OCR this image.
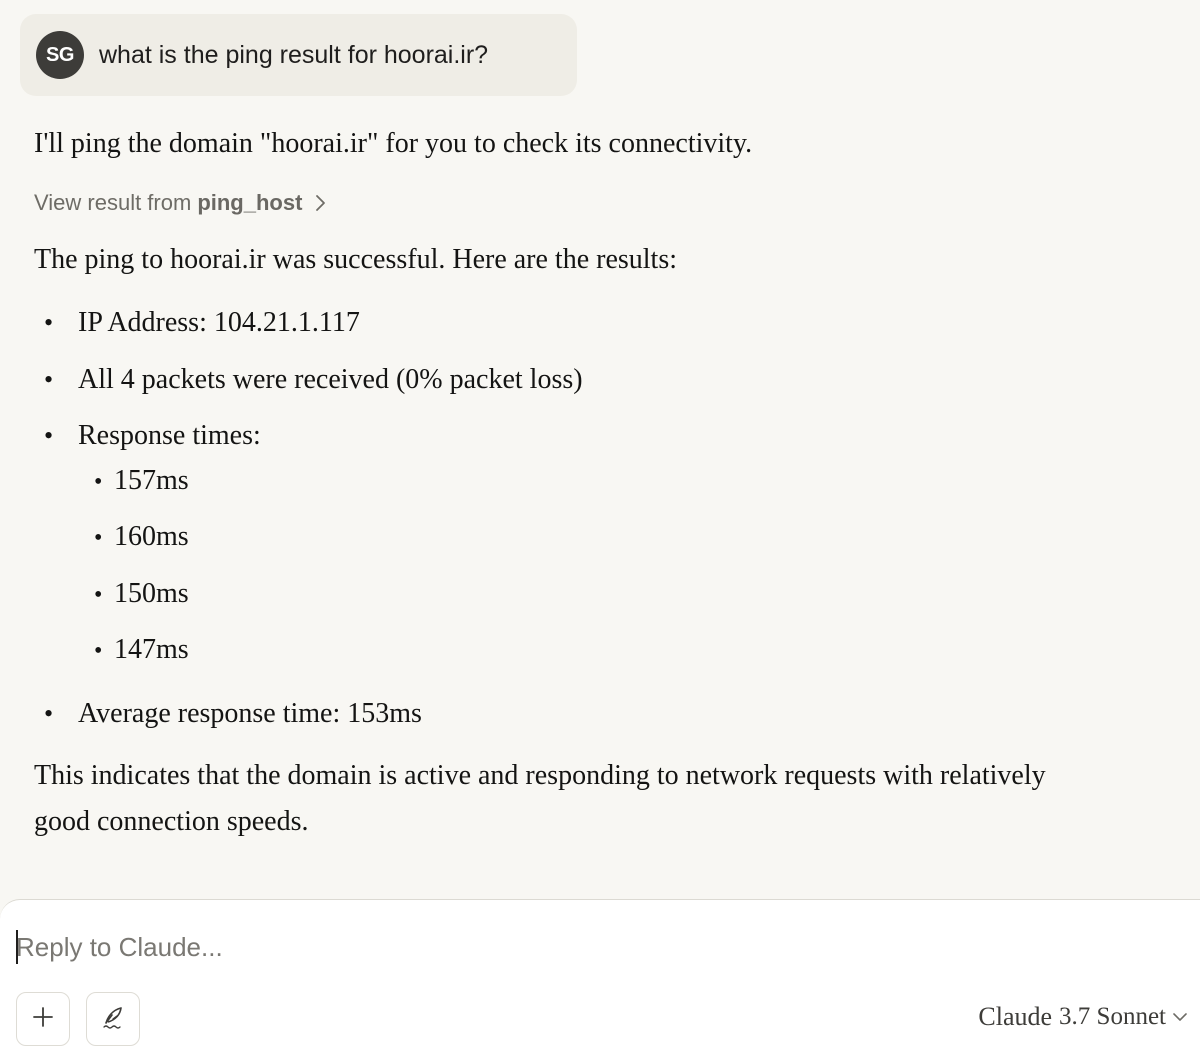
SG	what is the ping result for hoorai.ir?

I'll ping the domain "hoorai.ir" for you to check its connectivity.

View result from ping_host

The ping to hoorai.ir was successful. Here are the results:

• IP Address: 104.21.1.117
• All 4 packets were received (0% packet loss)
• Response times:
• 157ms
• 160ms
• 150ms
• 147ms
• Average response time: 153ms

This indicates that the domain is active and responding to network requests with relatively

good connection speeds.

Reply to Claude...
Claude 3.7 Sonnet
